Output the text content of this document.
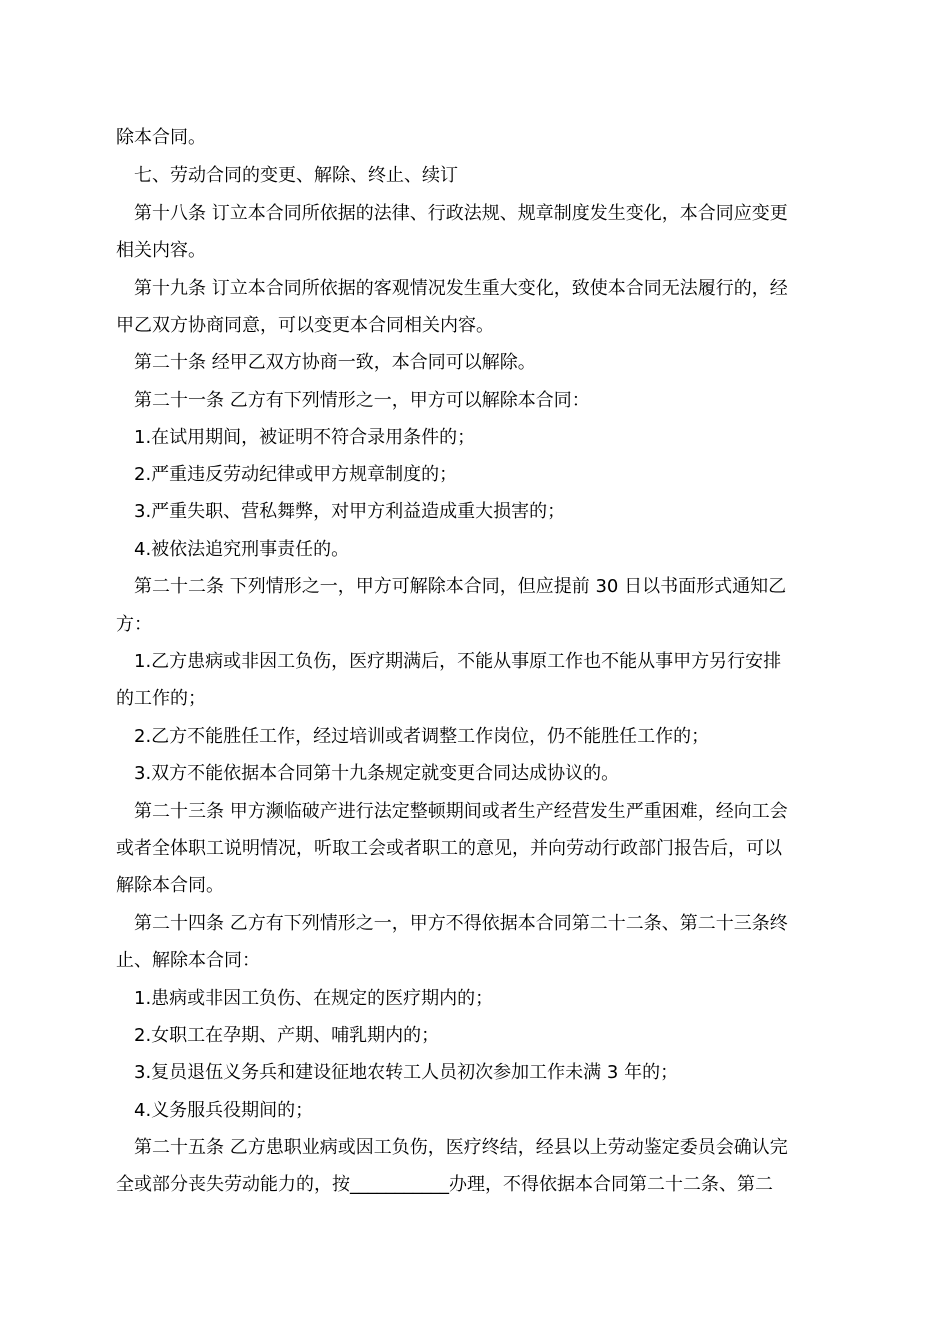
除本合同。
七、劳动合同的变更、解除、终止、续订
第十八条 订立本合同所依据的法律、行政法规、规章制度发生变化，本合同应变更
相关内容。
第十九条 订立本合同所依据的客观情况发生重大变化，致使本合同无法履行的，经
甲乙双方协商同意，可以变更本合同相关内容。
第二十条 经甲乙双方协商一致，本合同可以解除。
第二十一条 乙方有下列情形之一，甲方可以解除本合同：
1.在试用期间，被证明不符合录用条件的；
2.严重违反劳动纪律或甲方规章制度的；
3.严重失职、营私舞弊，对甲方利益造成重大损害的；
4.被依法追究刑事责任的。
第二十二条 下列情形之一，甲方可解除本合同，但应提前 30 日以书面形式通知乙
方：
1.乙方患病或非因工负伤，医疗期满后，不能从事原工作也不能从事甲方另行安排
的工作的；
2.乙方不能胜任工作，经过培训或者调整工作岗位，仍不能胜任工作的；
3.双方不能依据本合同第十九条规定就变更合同达成协议的。
第二十三条 甲方濒临破产进行法定整顿期间或者生产经营发生严重困难，经向工会
或者全体职工说明情况，听取工会或者职工的意见，并向劳动行政部门报告后，可以
解除本合同。
第二十四条 乙方有下列情形之一，甲方不得依据本合同第二十二条、第二十三条终
止、解除本合同：
1.患病或非因工负伤、在规定的医疗期内的；
2.女职工在孕期、产期、哺乳期内的；
3.复员退伍义务兵和建设征地农转工人员初次参加工作未满 3 年的；
4.义务服兵役期间的；
第二十五条 乙方患职业病或因工负伤，医疗终结，经县以上劳动鉴定委员会确认完
全或部分丧失劳动能力的，按___________办理，不得依据本合同第二十二条、第二
